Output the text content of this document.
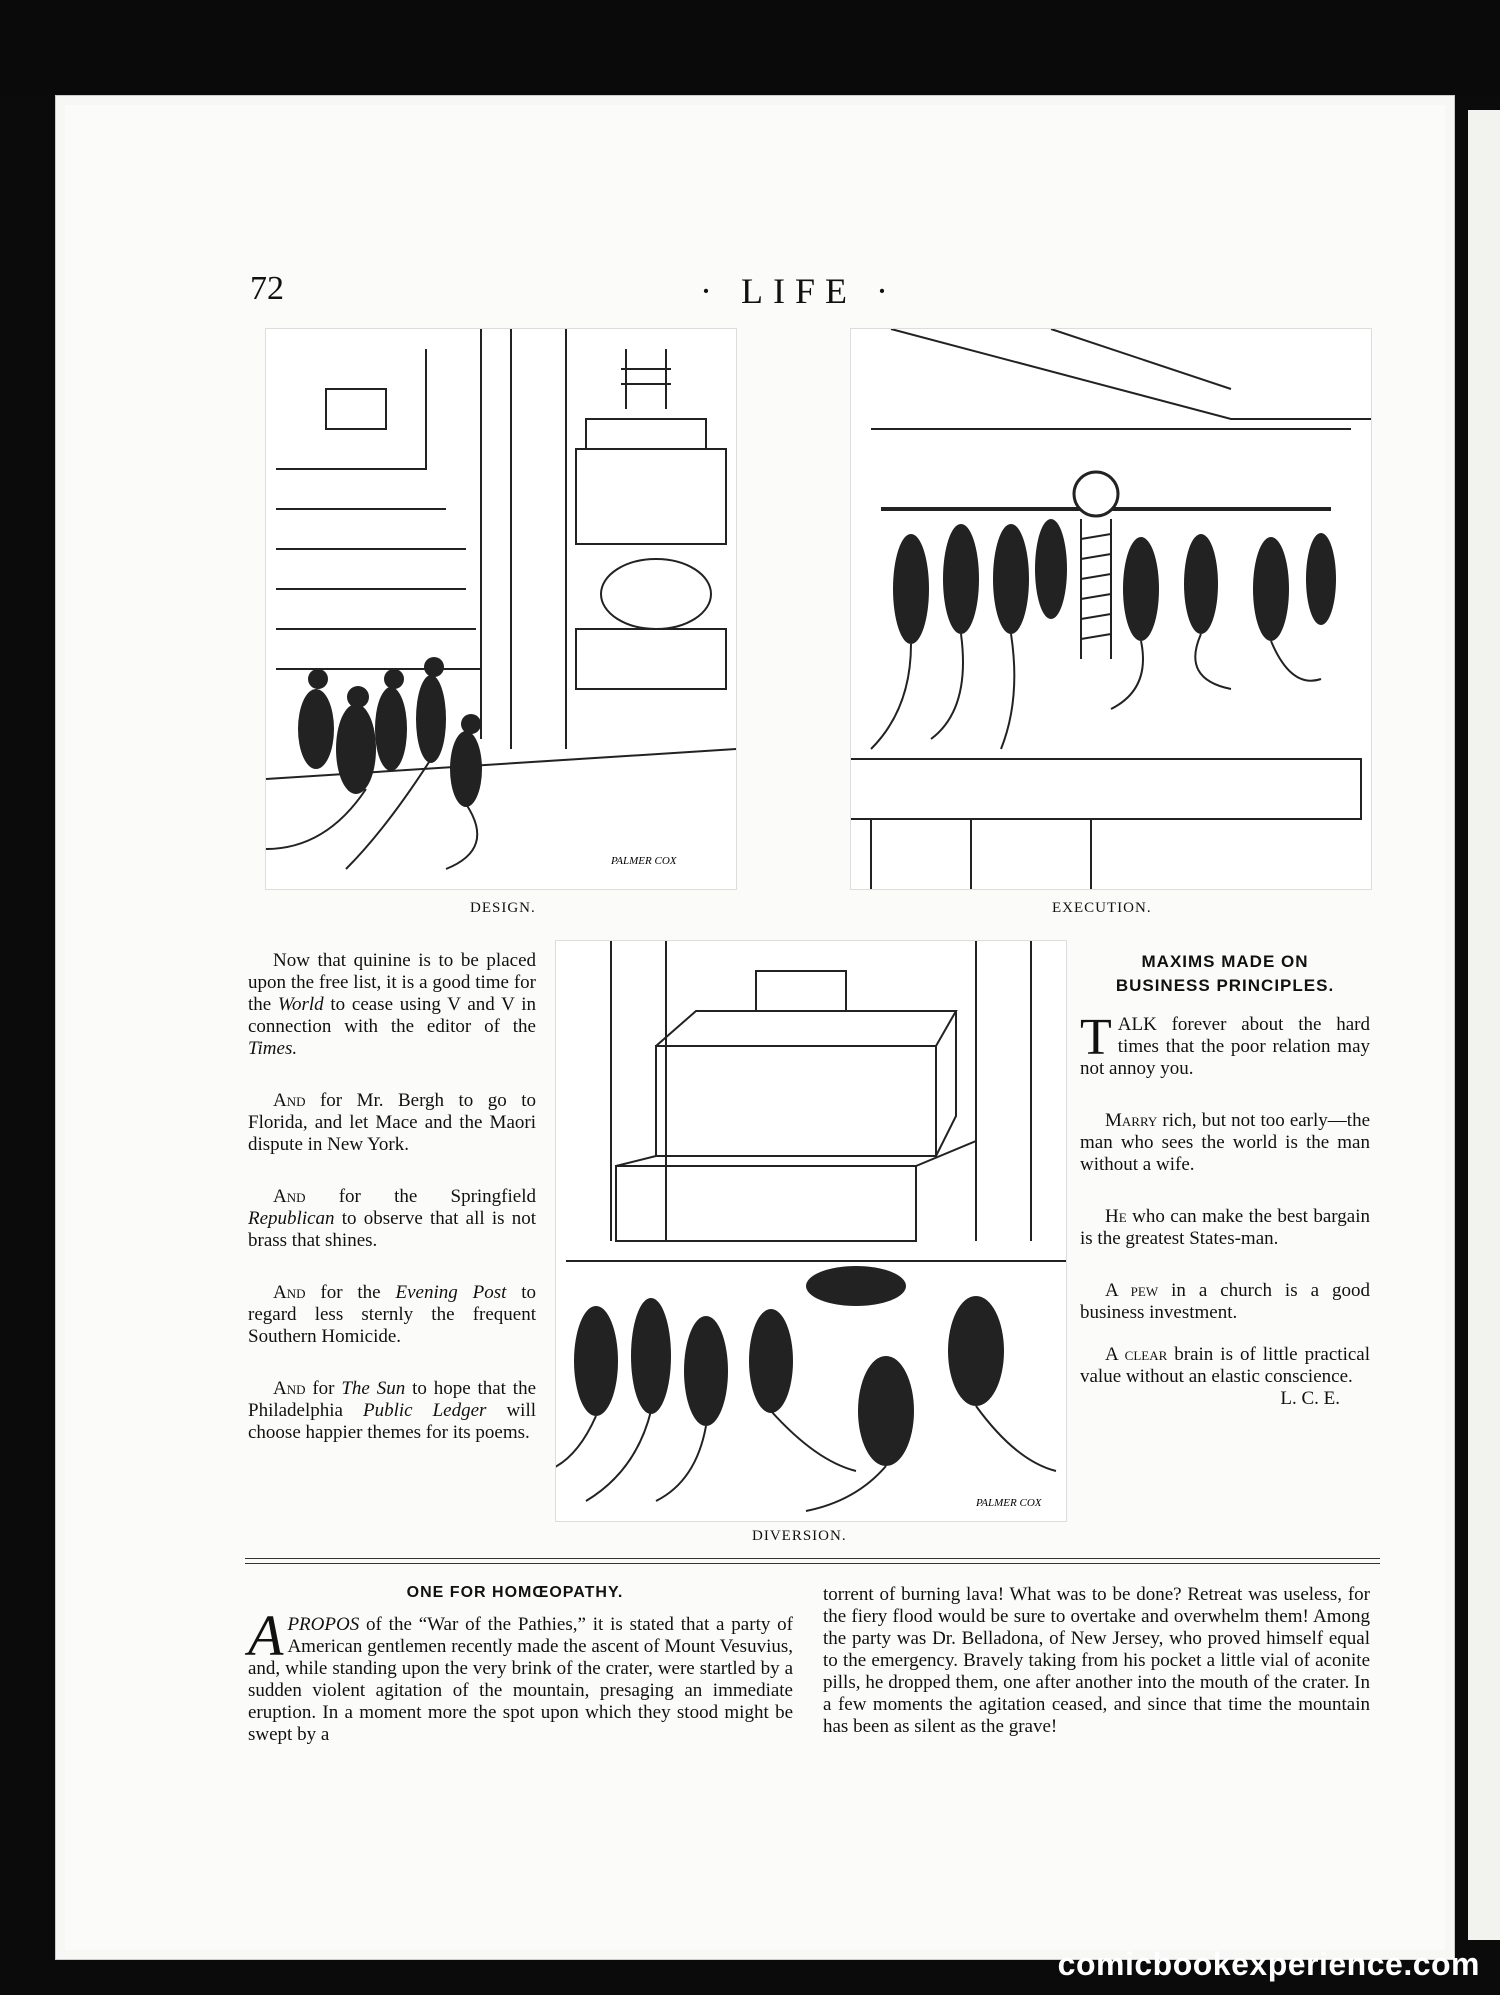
72	· LIFE ·
PALMER COX
DESIGN.	EXECUTION.

Now that quinine is to be placed upon the free list, it is a good time for the World to cease using V and V in connection with the editor of the Times.

And for Mr. Bergh to go to Florida, and let Mace and the Maori dispute in New York.

And for the Springfield Republican to observe that all is not brass that shines.

And for the Evening Post to regard less sternly the frequent Southern Homicide.

And for The Sun to hope that the Philadelphia Public Ledger will choose happier themes for its poems.

PALMER COX
DIVERSION.
MAXIMS MADE ON
BUSINESS PRINCIPLES.

TALK forever about the hard times that the poor relation may not annoy you.

Marry rich, but not too early—the man who sees the world is the man without a wife.

He who can make the best bargain is the greatest States-man.

A pew in a church is a good business investment.

A clear brain is of little practical value without an elastic conscience.

L. C. E.
ONE FOR HOMŒOPATHY.
APROPOS of the “War of the Pathies,” it is stated that a party of American gentlemen recently made the ascent of Mount Vesuvius, and, while standing upon the very brink of the crater, were startled by a sudden violent agitation of the mountain, presaging an immediate eruption. In a moment more the spot upon which they stood might be swept by a
torrent of burning lava! What was to be done? Retreat was useless, for the fiery flood would be sure to overtake and overwhelm them! Among the party was Dr. Belladona, of New Jersey, who proved himself equal to the emergency. Bravely taking from his pocket a little vial of aconite pills, he dropped them, one after another into the mouth of the crater. In a few moments the agitation ceased, and since that time the mountain has been as silent as the grave!
comicbookexperience.com
